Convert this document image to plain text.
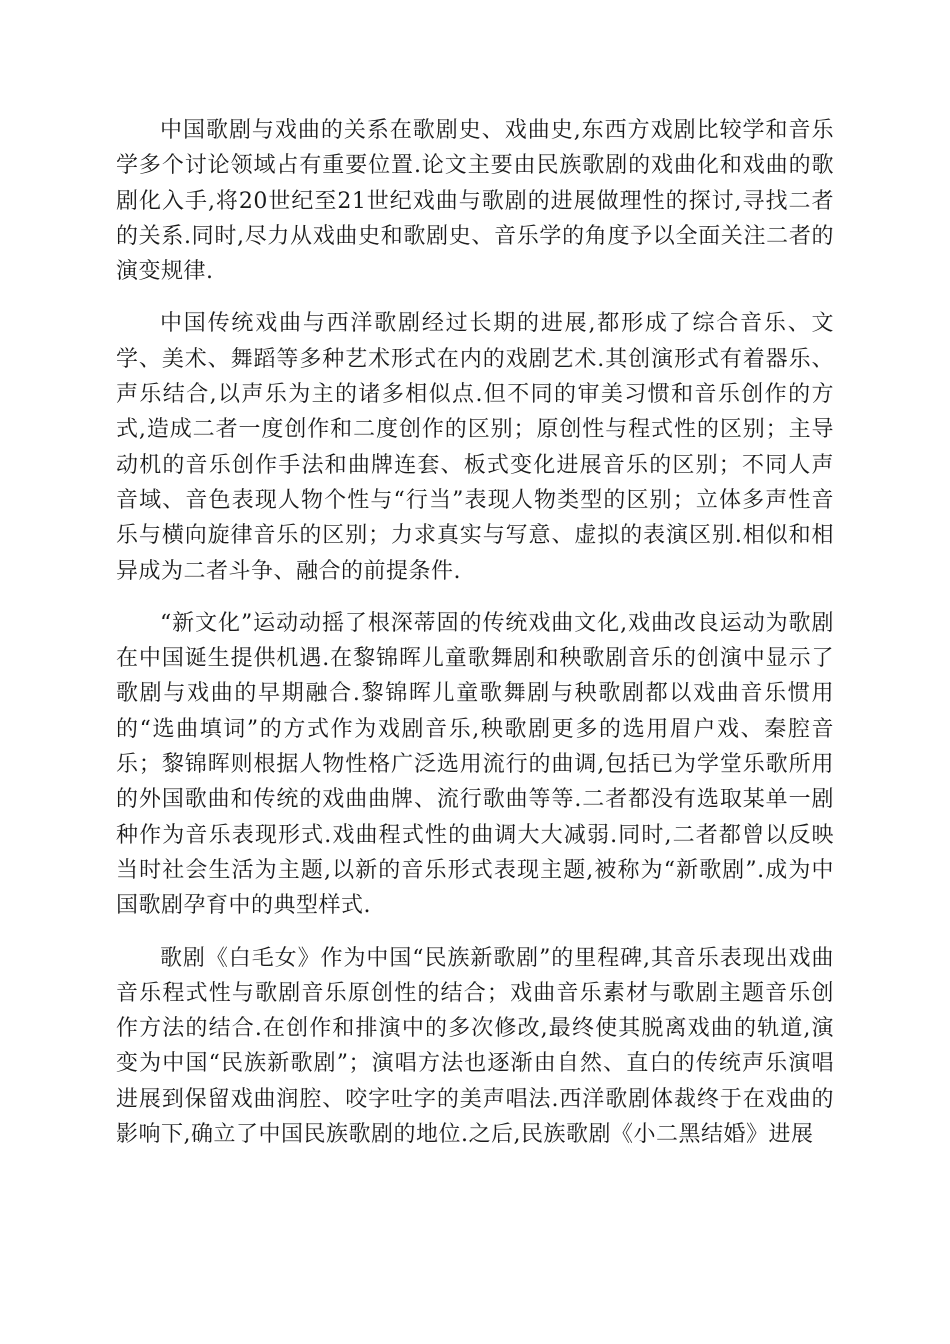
中国歌剧与戏曲的关系在歌剧史、戏曲史,东西方戏剧比较学和音乐学多个讨论领域占有重要位置.论文主要由民族歌剧的戏曲化和戏曲的歌剧化入手,将20世纪至21世纪戏曲与歌剧的进展做理性的探讨,寻找二者的关系.同时,尽力从戏曲史和歌剧史、音乐学的角度予以全面关注二者的演变规律.

中国传统戏曲与西洋歌剧经过长期的进展,都形成了综合音乐、文学、美术、舞蹈等多种艺术形式在内的戏剧艺术.其创演形式有着器乐、声乐结合,以声乐为主的诸多相似点.但不同的审美习惯和音乐创作的方式,造成二者一度创作和二度创作的区别；原创性与程式性的区别；主导动机的音乐创作手法和曲牌连套、板式变化进展音乐的区别；不同人声音域、音色表现人物个性与“行当”表现人物类型的区别；立体多声性音乐与横向旋律音乐的区别；力求真实与写意、虚拟的表演区别.相似和相异成为二者斗争、融合的前提条件.

“新文化”运动动摇了根深蒂固的传统戏曲文化,戏曲改良运动为歌剧在中国诞生提供机遇.在黎锦晖儿童歌舞剧和秧歌剧音乐的创演中显示了歌剧与戏曲的早期融合.黎锦晖儿童歌舞剧与秧歌剧都以戏曲音乐惯用的“选曲填词”的方式作为戏剧音乐,秧歌剧更多的选用眉户戏、秦腔音乐；黎锦晖则根据人物性格广泛选用流行的曲调,包括已为学堂乐歌所用的外国歌曲和传统的戏曲曲牌、流行歌曲等等.二者都没有选取某单一剧种作为音乐表现形式.戏曲程式性的曲调大大减弱.同时,二者都曾以反映当时社会生活为主题,以新的音乐形式表现主题,被称为“新歌剧”.成为中国歌剧孕育中的典型样式.

歌剧《白毛女》作为中国“民族新歌剧”的里程碑,其音乐表现出戏曲音乐程式性与歌剧音乐原创性的结合；戏曲音乐素材与歌剧主题音乐创作方法的结合.在创作和排演中的多次修改,最终使其脱离戏曲的轨道,演变为中国“民族新歌剧”；演唱方法也逐渐由自然、直白的传统声乐演唱进展到保留戏曲润腔、咬字吐字的美声唱法.西洋歌剧体裁终于在戏曲的影响下,确立了中国民族歌剧的地位.之后,民族歌剧《小二黑结婚》进展
